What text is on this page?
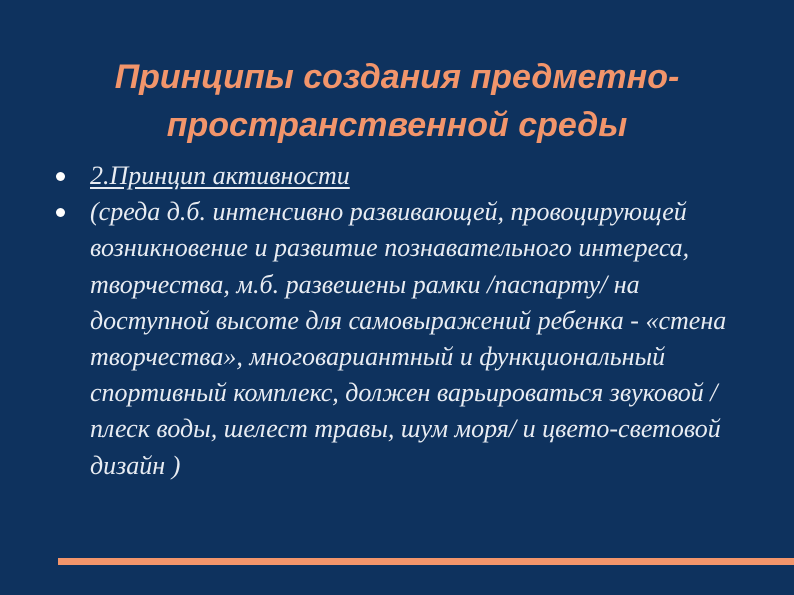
Принципы создания предметно-пространственной среды
2.Принцип активности
(среда д.б. интенсивно развивающей, провоцирующей возникновение и развитие познавательного интереса, творчества, м.б. развешены рамки /паспарту/ на доступной высоте для самовыражений ребенка - «стена творчества», многовариантный и функциональный спортивный комплекс, должен варьироваться звуковой /плеск воды, шелест травы, шум моря/ и цвето-световой дизайн )
